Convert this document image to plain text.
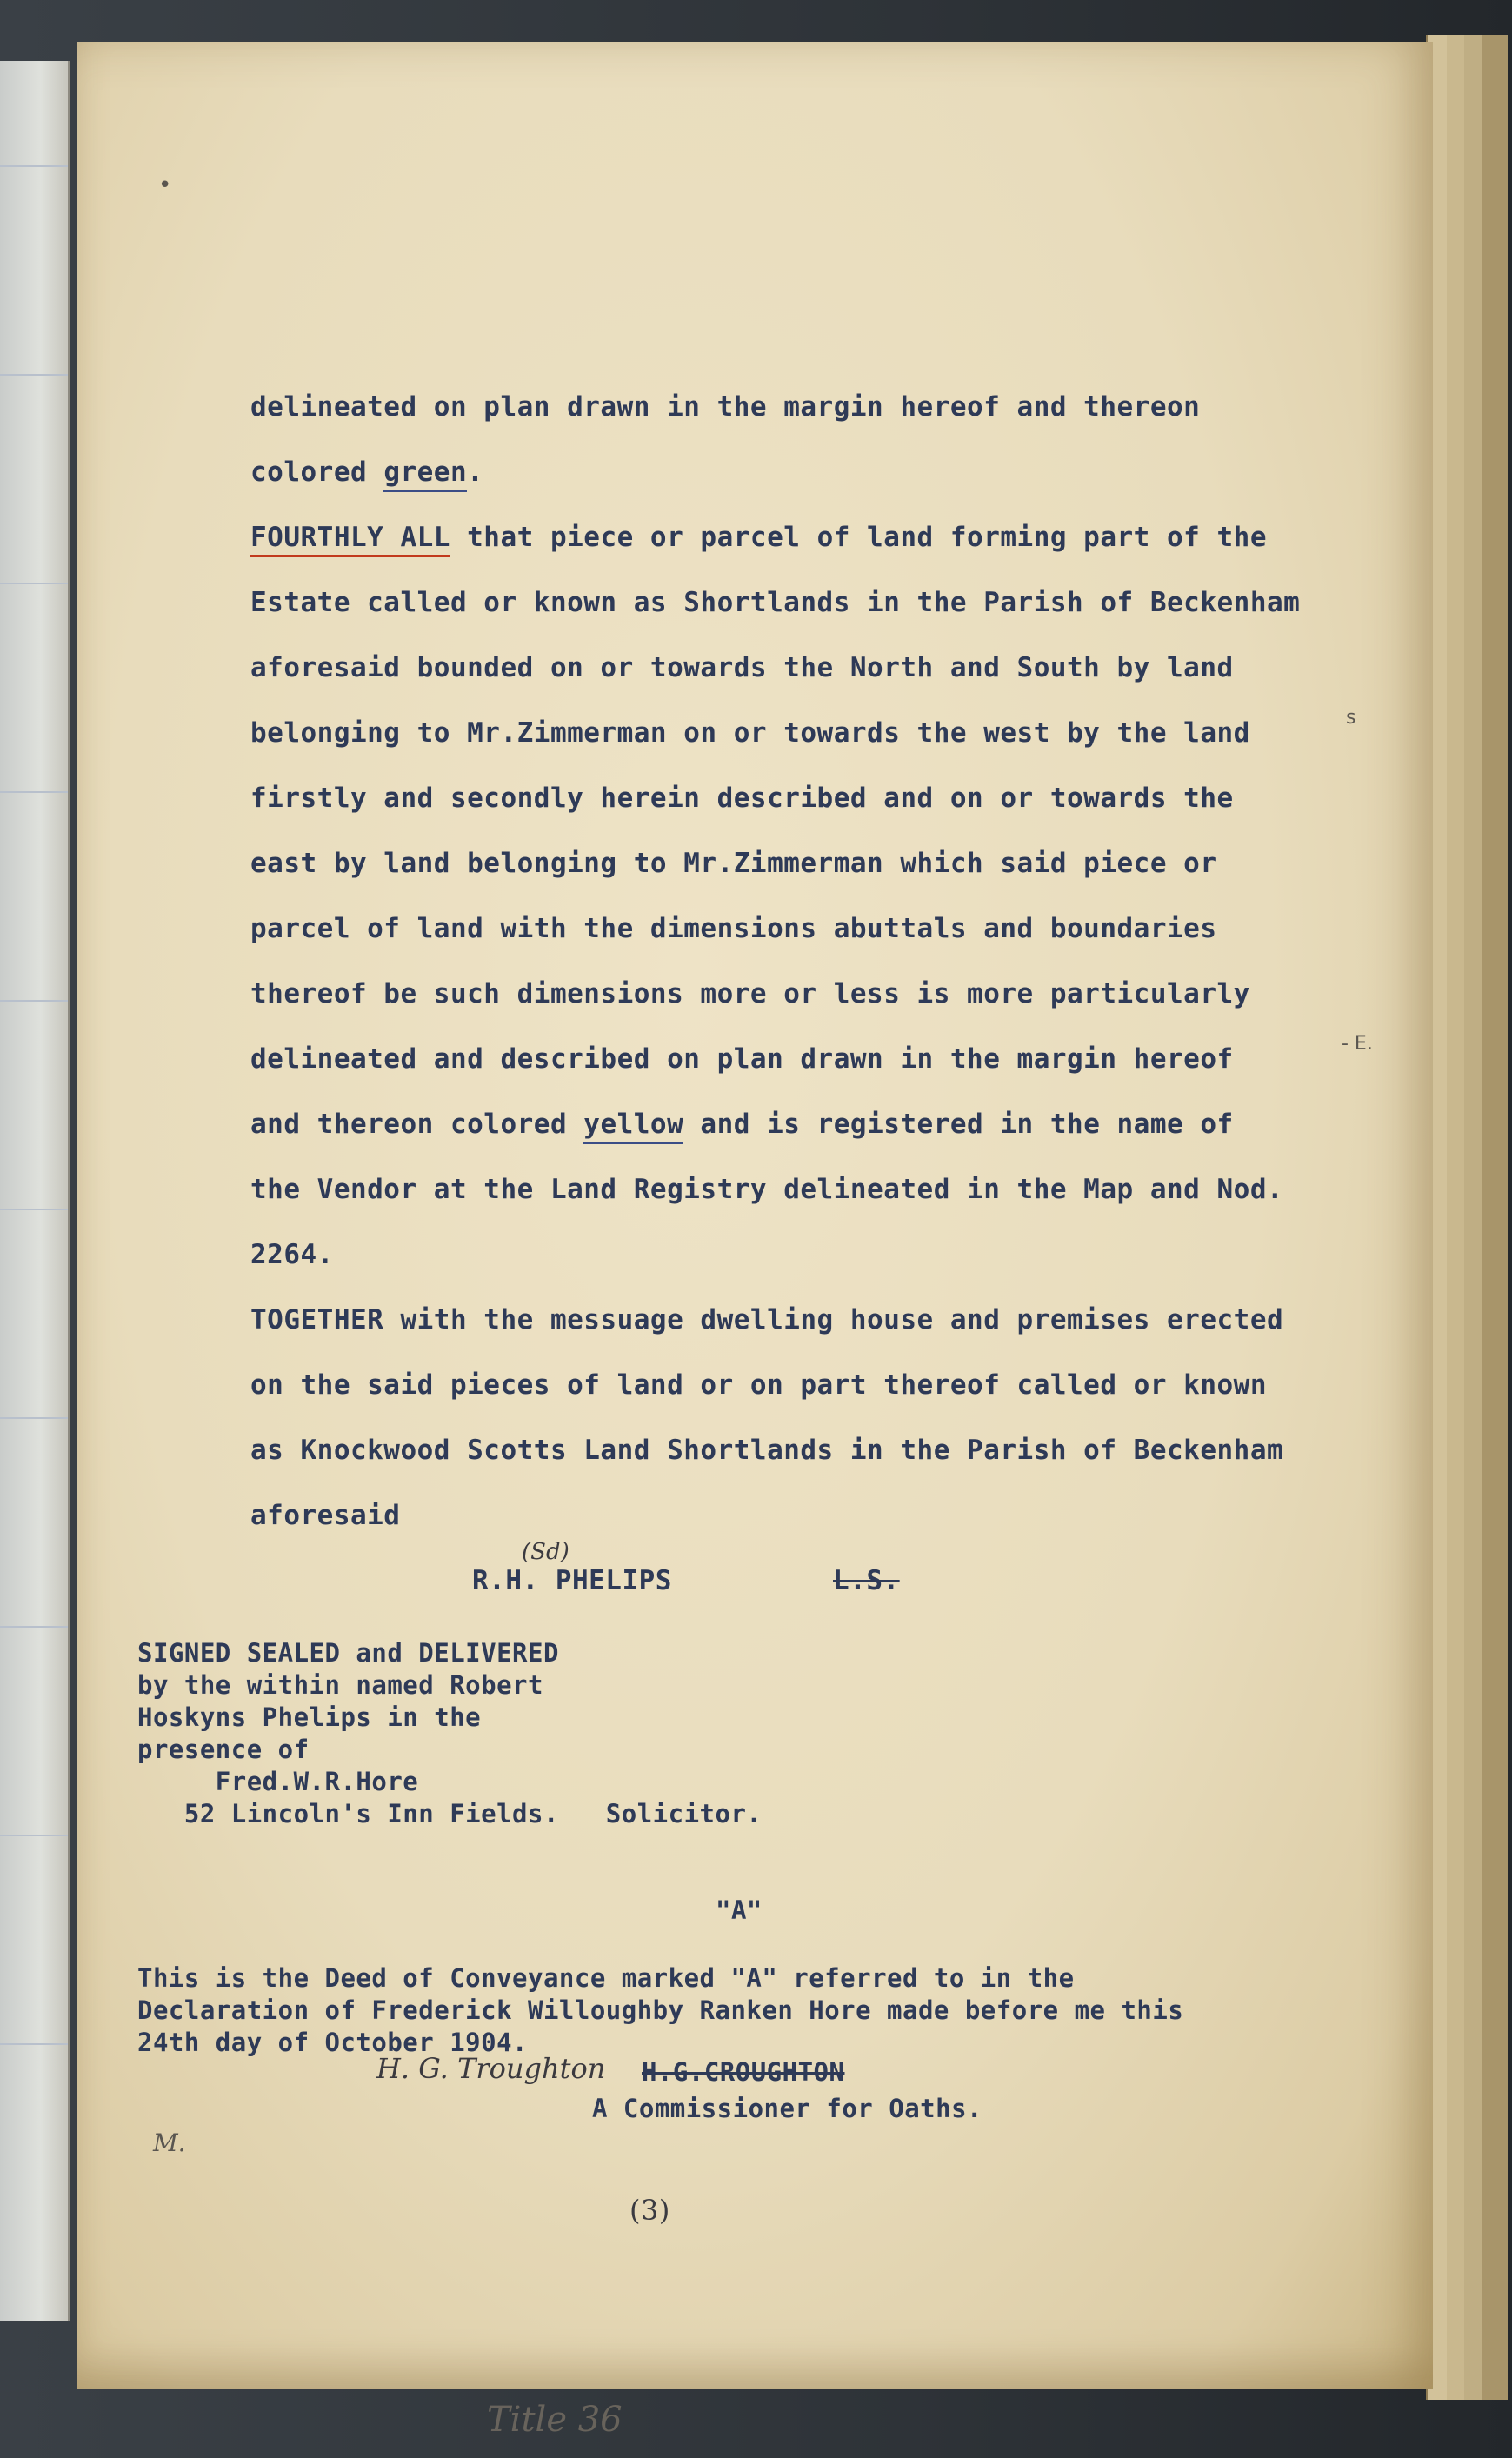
delineated on plan drawn in the margin hereof and thereon
colored green.
FOURTHLY ALL that piece or parcel of land forming part of the
Estate called or known as Shortlands in the Parish of Beckenham
aforesaid bounded on or towards the North and South by land
belonging to Mr.Zimmerman on or towards the west by the land
firstly and secondly herein described and on or towards the
east by land belonging to Mr.Zimmerman which said piece or
parcel of land with the dimensions abuttals and boundaries
thereof be such dimensions more or less is more particularly
delineated and described on plan drawn in the margin hereof
and thereon colored yellow and is registered in the name of
the Vendor at the Land Registry delineated in the Map and Nod.
2264.
TOGETHER with the messuage dwelling house and premises erected
on the said pieces of land or on part thereof called or known
as Knockwood Scotts Land Shortlands in the Parish of Beckenham
aforesaid
(Sd)
R.H. PHELIPS	L.S.
SIGNED SEALED and DELIVERED
by the within named Robert
Hoskyns Phelips in the
presence of
Fred.W.R.Hore
52 Lincoln's Inn Fields.   Solicitor.
"A"
This is the Deed of Conveyance marked "A" referred to in the
Declaration of Frederick Willoughby Ranken Hore made before me this
24th day of October 1904.
H. G. Troughton H.G.CROUGHTON
A Commissioner for Oaths.
M.
(3)
s
- E.
•
Title 36
